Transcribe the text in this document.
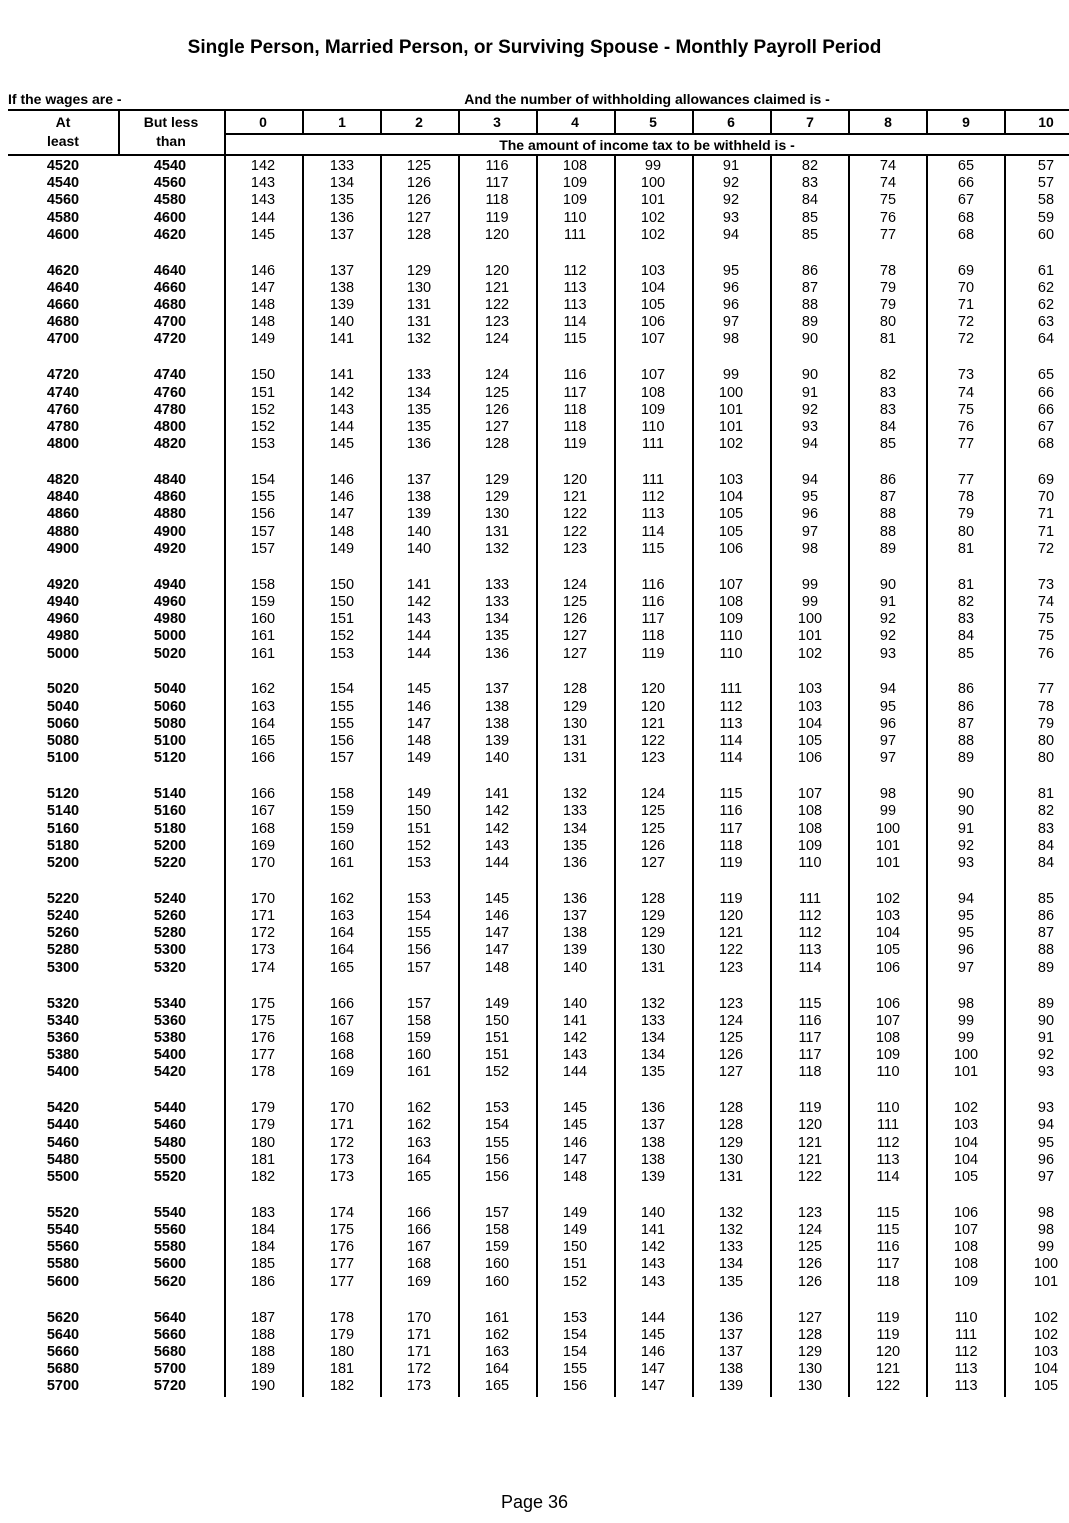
Single Person, Married Person, or Surviving Spouse - Monthly Payroll Period
If the wages are -	And the number of withholding allowances claimed is -
At
least
But less
than
0	1	2	3	4	5	6	7	8	9	10
The amount of income tax to be withheld is -
4520	4540	142	133	125	116	108	99	91	82	74	65	57
4540	4560	143	134	126	117	109	100	92	83	74	66	57
4560	4580	143	135	126	118	109	101	92	84	75	67	58
4580	4600	144	136	127	119	110	102	93	85	76	68	59
4600	4620	145	137	128	120	111	102	94	85	77	68	60
4620	4640	146	137	129	120	112	103	95	86	78	69	61
4640	4660	147	138	130	121	113	104	96	87	79	70	62
4660	4680	148	139	131	122	113	105	96	88	79	71	62
4680	4700	148	140	131	123	114	106	97	89	80	72	63
4700	4720	149	141	132	124	115	107	98	90	81	72	64
4720	4740	150	141	133	124	116	107	99	90	82	73	65
4740	4760	151	142	134	125	117	108	100	91	83	74	66
4760	4780	152	143	135	126	118	109	101	92	83	75	66
4780	4800	152	144	135	127	118	110	101	93	84	76	67
4800	4820	153	145	136	128	119	111	102	94	85	77	68
4820	4840	154	146	137	129	120	111	103	94	86	77	69
4840	4860	155	146	138	129	121	112	104	95	87	78	70
4860	4880	156	147	139	130	122	113	105	96	88	79	71
4880	4900	157	148	140	131	122	114	105	97	88	80	71
4900	4920	157	149	140	132	123	115	106	98	89	81	72
4920	4940	158	150	141	133	124	116	107	99	90	81	73
4940	4960	159	150	142	133	125	116	108	99	91	82	74
4960	4980	160	151	143	134	126	117	109	100	92	83	75
4980	5000	161	152	144	135	127	118	110	101	92	84	75
5000	5020	161	153	144	136	127	119	110	102	93	85	76
5020	5040	162	154	145	137	128	120	111	103	94	86	77
5040	5060	163	155	146	138	129	120	112	103	95	86	78
5060	5080	164	155	147	138	130	121	113	104	96	87	79
5080	5100	165	156	148	139	131	122	114	105	97	88	80
5100	5120	166	157	149	140	131	123	114	106	97	89	80
5120	5140	166	158	149	141	132	124	115	107	98	90	81
5140	5160	167	159	150	142	133	125	116	108	99	90	82
5160	5180	168	159	151	142	134	125	117	108	100	91	83
5180	5200	169	160	152	143	135	126	118	109	101	92	84
5200	5220	170	161	153	144	136	127	119	110	101	93	84
5220	5240	170	162	153	145	136	128	119	111	102	94	85
5240	5260	171	163	154	146	137	129	120	112	103	95	86
5260	5280	172	164	155	147	138	129	121	112	104	95	87
5280	5300	173	164	156	147	139	130	122	113	105	96	88
5300	5320	174	165	157	148	140	131	123	114	106	97	89
5320	5340	175	166	157	149	140	132	123	115	106	98	89
5340	5360	175	167	158	150	141	133	124	116	107	99	90
5360	5380	176	168	159	151	142	134	125	117	108	99	91
5380	5400	177	168	160	151	143	134	126	117	109	100	92
5400	5420	178	169	161	152	144	135	127	118	110	101	93
5420	5440	179	170	162	153	145	136	128	119	110	102	93
5440	5460	179	171	162	154	145	137	128	120	111	103	94
5460	5480	180	172	163	155	146	138	129	121	112	104	95
5480	5500	181	173	164	156	147	138	130	121	113	104	96
5500	5520	182	173	165	156	148	139	131	122	114	105	97
5520	5540	183	174	166	157	149	140	132	123	115	106	98
5540	5560	184	175	166	158	149	141	132	124	115	107	98
5560	5580	184	176	167	159	150	142	133	125	116	108	99
5580	5600	185	177	168	160	151	143	134	126	117	108	100
5600	5620	186	177	169	160	152	143	135	126	118	109	101
5620	5640	187	178	170	161	153	144	136	127	119	110	102
5640	5660	188	179	171	162	154	145	137	128	119	111	102
5660	5680	188	180	171	163	154	146	137	129	120	112	103
5680	5700	189	181	172	164	155	147	138	130	121	113	104
5700	5720	190	182	173	165	156	147	139	130	122	113	105
Page 36
